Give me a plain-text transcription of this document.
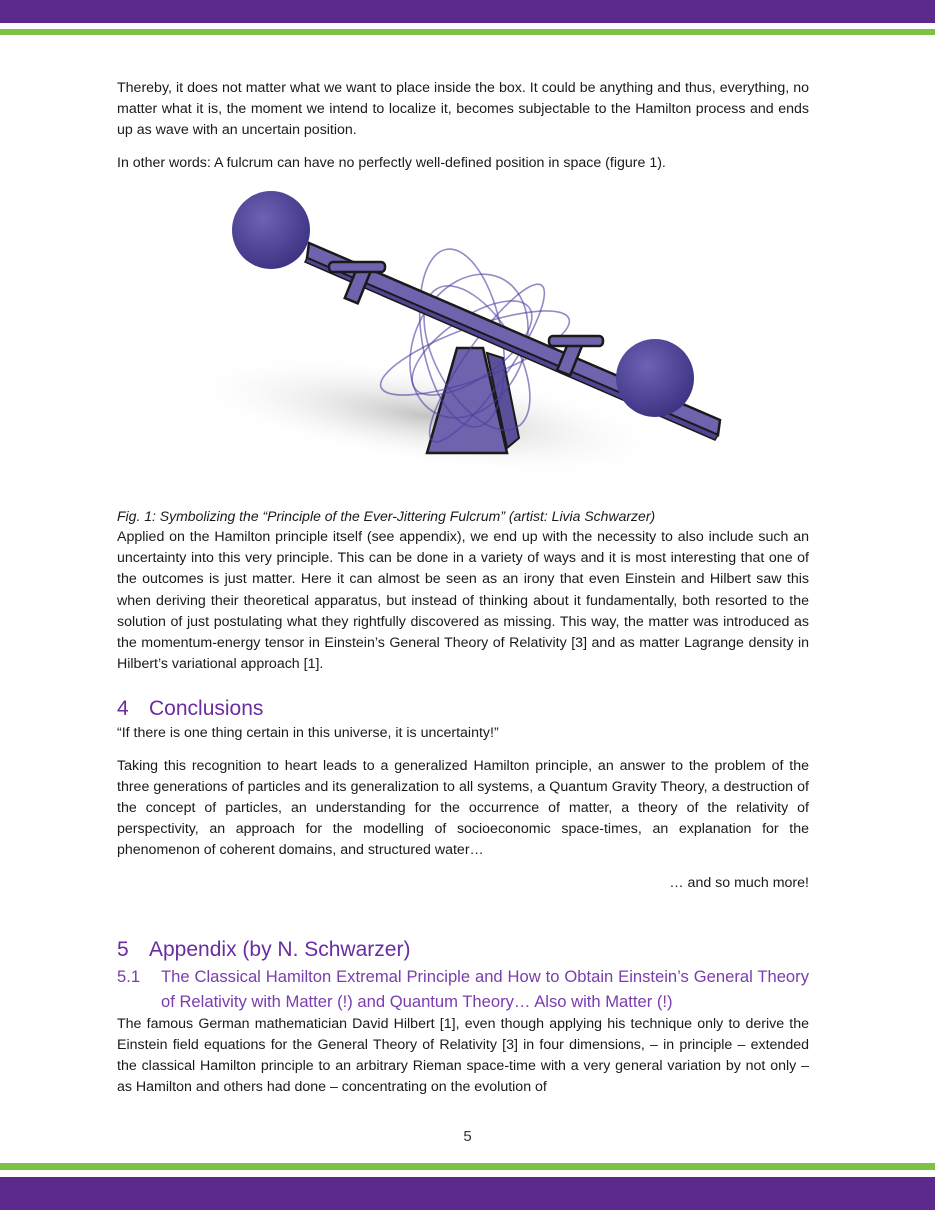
Thereby, it does not matter what we want to place inside the box. It could be anything and thus, everything, no matter what it is, the moment we intend to localize it, becomes subjectable to the Hamilton process and ends up as wave with an uncertain position.

In other words: A fulcrum can have no perfectly well-defined position in space (figure 1).

Fig. 1: Symbolizing the “Principle of the Ever-Jittering Fulcrum” (artist: Livia Schwarzer)

Applied on the Hamilton principle itself (see appendix), we end up with the necessity to also include such an uncertainty into this very principle. This can be done in a variety of ways and it is most interesting that one of the outcomes is just matter. Here it can almost be seen as an irony that even Einstein and Hilbert saw this when deriving their theoretical apparatus, but instead of thinking about it fundamentally, both resorted to the solution of just postulating what they rightfully discovered as missing. This way, the matter was introduced as the momentum-energy tensor in Einstein’s General Theory of Relativity [3] and as matter Lagrange density in Hilbert’s variational approach [1].

4 Conclusions

“If there is one thing certain in this universe, it is uncertainty!”

Taking this recognition to heart leads to a generalized Hamilton principle, an answer to the problem of the three generations of particles and its generalization to all systems, a Quantum Gravity Theory, a destruction of the concept of particles, an understanding for the occurrence of matter, a theory of the relativity of perspectivity, an approach for the modelling of socioeconomic space-times, an explanation for the phenomenon of coherent domains, and structured water…

… and so much more!

5 Appendix (by N. Schwarzer)
5.1	The Classical Hamilton Extremal Principle and How to Obtain Einstein’s General Theory of Relativity with Matter (!) and Quantum Theory… Also with Matter (!)

The famous German mathematician David Hilbert [1], even though applying his technique only to derive the Einstein field equations for the General Theory of Relativity [3] in four dimensions, – in principle – extended the classical Hamilton principle to an arbitrary Rieman space-time with a very general variation by not only – as Hamilton and others had done – concentrating on the evolution of

5
